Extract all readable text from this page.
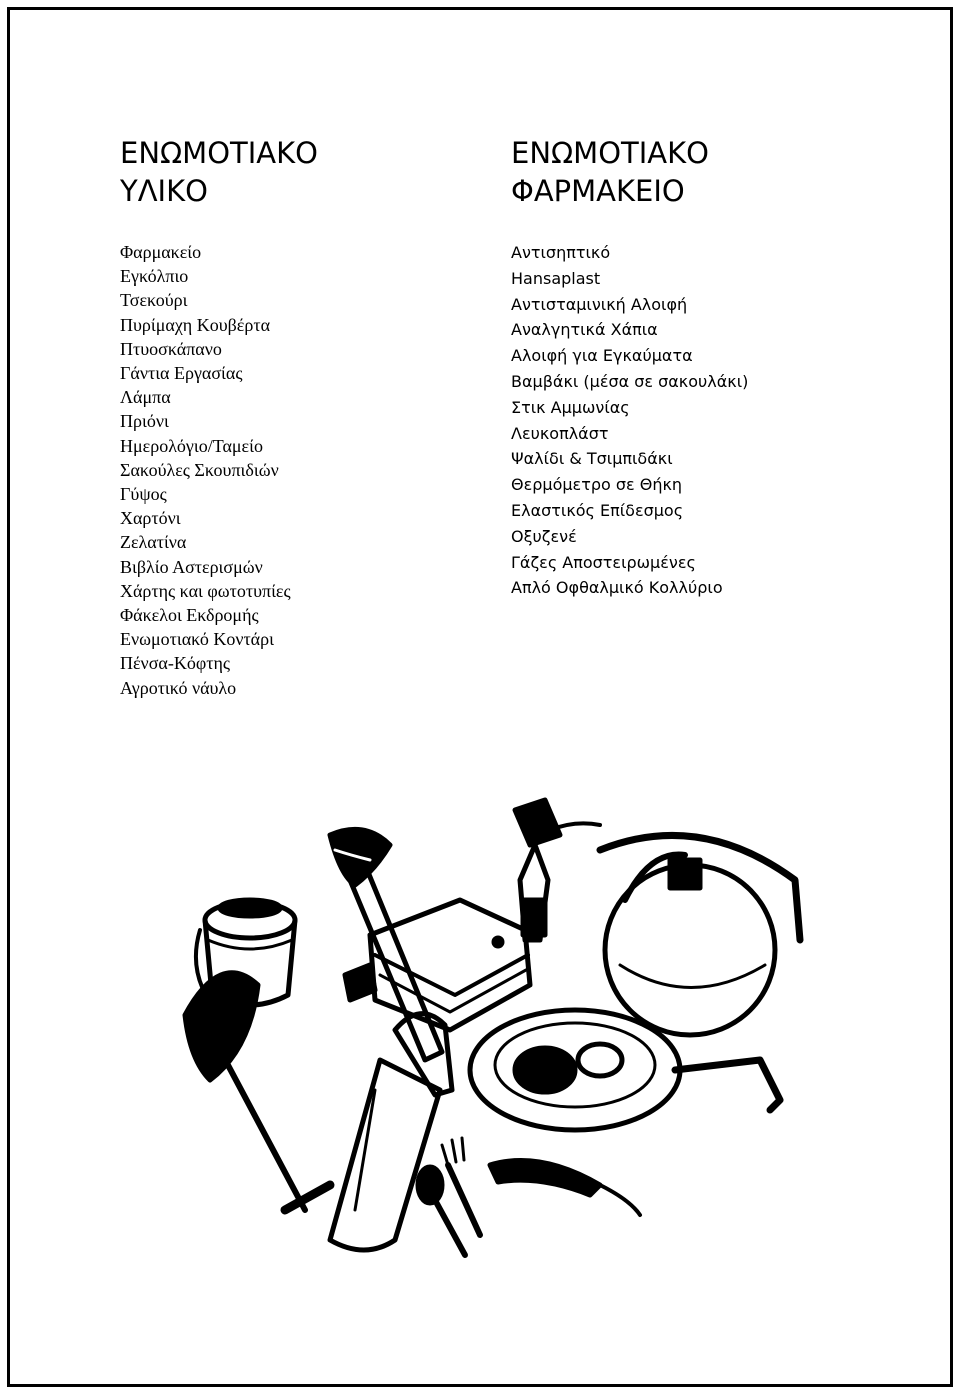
ΕΝΩΜΟΤΙΑΚΟ
ΥΛΙΚΟ
Φαρμακείο
Εγκόλπιο
Τσεκούρι
Πυρίμαχη Κουβέρτα
Πτυοσκάπανο
Γάντια Εργασίας
Λάμπα
Πριόνι
Ημερολόγιο/Ταμείο
Σακούλες Σκουπιδιών
Γύψος
Χαρτόνι
Ζελατίνα
Βιβλίο Αστερισμών
Χάρτης και φωτοτυπίες
Φάκελοι Εκδρομής
Ενωμοτιακό Κοντάρι
Πένσα-Κόφτης
Αγροτικό νάυλο
ΕΝΩΜΟΤΙΑΚΟ
ΦΑΡΜΑΚΕΙΟ
Αντισηπτικό
Hansaplast
Αντισταμινική Αλοιφή
Αναλγητικά Χάπια
Αλοιφή για Εγκαύματα
Βαμβάκι (μέσα σε σακουλάκι)
Στικ Αμμωνίας
Λευκοπλάστ
Ψαλίδι & Τσιμπιδάκι
Θερμόμετρο σε Θήκη
Ελαστικός Επίδεσμος
Οξυζενέ
Γάζες Αποστειρωμένες
Απλό Οφθαλμικό Κολλύριο
